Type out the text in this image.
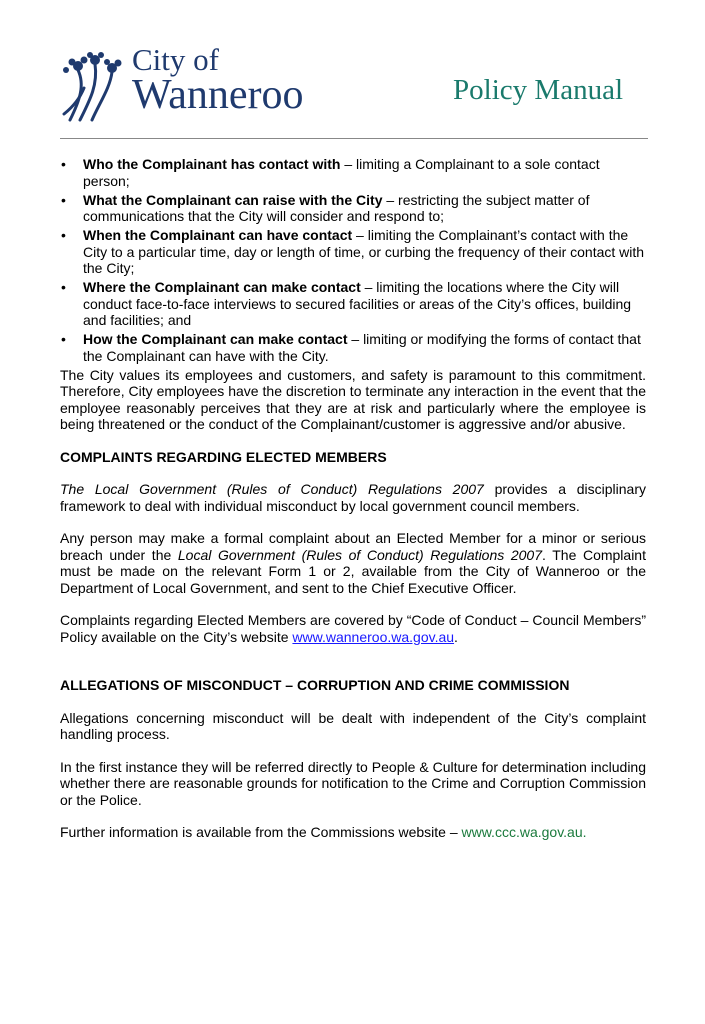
City of
Wanneroo	Policy Manual
• Who the Complainant has contact with – limiting a Complainant to a sole contact person;
• What the Complainant can raise with the City – restricting the subject matter of communications that the City will consider and respond to;
• When the Complainant can have contact – limiting the Complainant’s contact with the City to a particular time, day or length of time, or curbing the frequency of their contact with the City;
• Where the Complainant can make contact – limiting the locations where the City will conduct face-to-face interviews to secured facilities or areas of the City’s offices, building and facilities; and
• How the Complainant can make contact – limiting or modifying the forms of contact that the Complainant can have with the City.

The City values its employees and customers, and safety is paramount to this commitment. Therefore, City employees have the discretion to terminate any interaction in the event that the employee reasonably perceives that they are at risk and particularly where the employee is being threatened or the conduct of the Complainant/customer is aggressive and/or abusive.

COMPLAINTS REGARDING ELECTED MEMBERS

The Local Government (Rules of Conduct) Regulations 2007 provides a disciplinary framework to deal with individual misconduct by local government council members.

Any person may make a formal complaint about an Elected Member for a minor or serious breach under the Local Government (Rules of Conduct) Regulations 2007. The Complaint must be made on the relevant Form 1 or 2, available from the City of Wanneroo or the Department of Local Government, and sent to the Chief Executive Officer.

Complaints regarding Elected Members are covered by “Code of Conduct – Council Members” Policy available on the City’s website www.wanneroo.wa.gov.au.

ALLEGATIONS OF MISCONDUCT – CORRUPTION AND CRIME COMMISSION

Allegations concerning misconduct will be dealt with independent of the City’s complaint handling process.

In the first instance they will be referred directly to People & Culture for determination including whether there are reasonable grounds for notification to the Crime and Corruption Commission or the Police.

Further information is available from the Commissions website – www.ccc.wa.gov.au.
